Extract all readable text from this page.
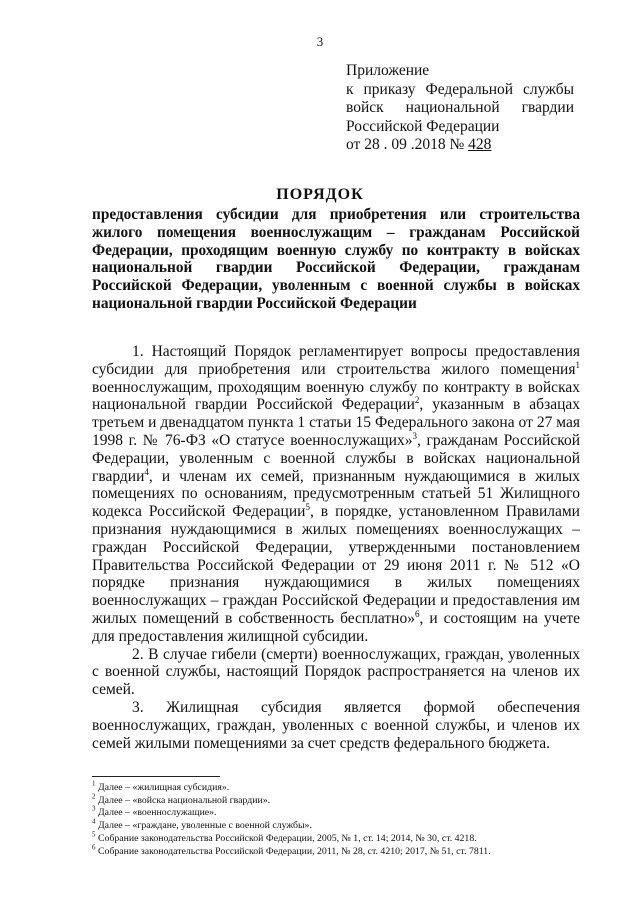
3
Приложение
к приказу Федеральной службы
войск национальной гвардии
Российской Федерации
от 28 . 09 .2018 № 428
ПОРЯДОК
предоставления субсидии для приобретения или строительства жилого помещения военнослужащим – гражданам Российской Федерации, проходящим военную службу по контракту в войсках национальной гвардии Российской Федерации, гражданам Российской Федерации, уволенным с военной службы в войсках национальной гвардии Российской Федерации

1. Настоящий Порядок регламентирует вопросы предоставления субсидии для приобретения или строительства жилого помещения$^1$ военнослужащим, проходящим военную службу по контракту в войсках национальной гвардии Российской Федерации$^2$, указанным в абзацах третьем и двенадцатом пункта 1 статьи 15 Федерального закона от 27 мая 1998 г. № 76-ФЗ «О статусе военнослужащих»$^3$, гражданам Российской Федерации, уволенным с военной службы в войсках национальной гвардии$^4$, и членам их семей, признанным нуждающимися в жилых помещениях по основаниям, предусмотренным статьей 51 Жилищного кодекса Российской Федерации$^5$, в порядке, установленном Правилами признания нуждающимися в жилых помещениях военнослужащих – граждан Российской Федерации, утвержденными постановлением Правительства Российской Федерации от 29 июня 2011 г. № 512 «О порядке признания нуждающимися в жилых помещениях военнослужащих – граждан Российской Федерации и предоставления им жилых помещений в собственность бесплатно»$^6$, и состоящим на учете для предоставления жилищной субсидии.

2. В случае гибели (смерти) военнослужащих, граждан, уволенных с военной службы, настоящий Порядок распространяется на членов их семей.

3. Жилищная субсидия является формой обеспечения военнослужащих, граждан, уволенных с военной службы, и членов их семей жилыми помещениями за счет средств федерального бюджета.

$^1$ Далее – «жилищная субсидия».
$^2$ Далее – «войска национальной гвардии».
$^3$ Далее – «военнослужащие».
$^4$ Далее – «граждане, уволенные с военной службы».
$^5$ Собрание законодательства Российской Федерации, 2005, № 1, ст. 14; 2014, № 30, ст. 4218.
$^6$ Собрание законодательства Российской Федерации, 2011, № 28, ст. 4210; 2017, № 51, ст. 7811.
